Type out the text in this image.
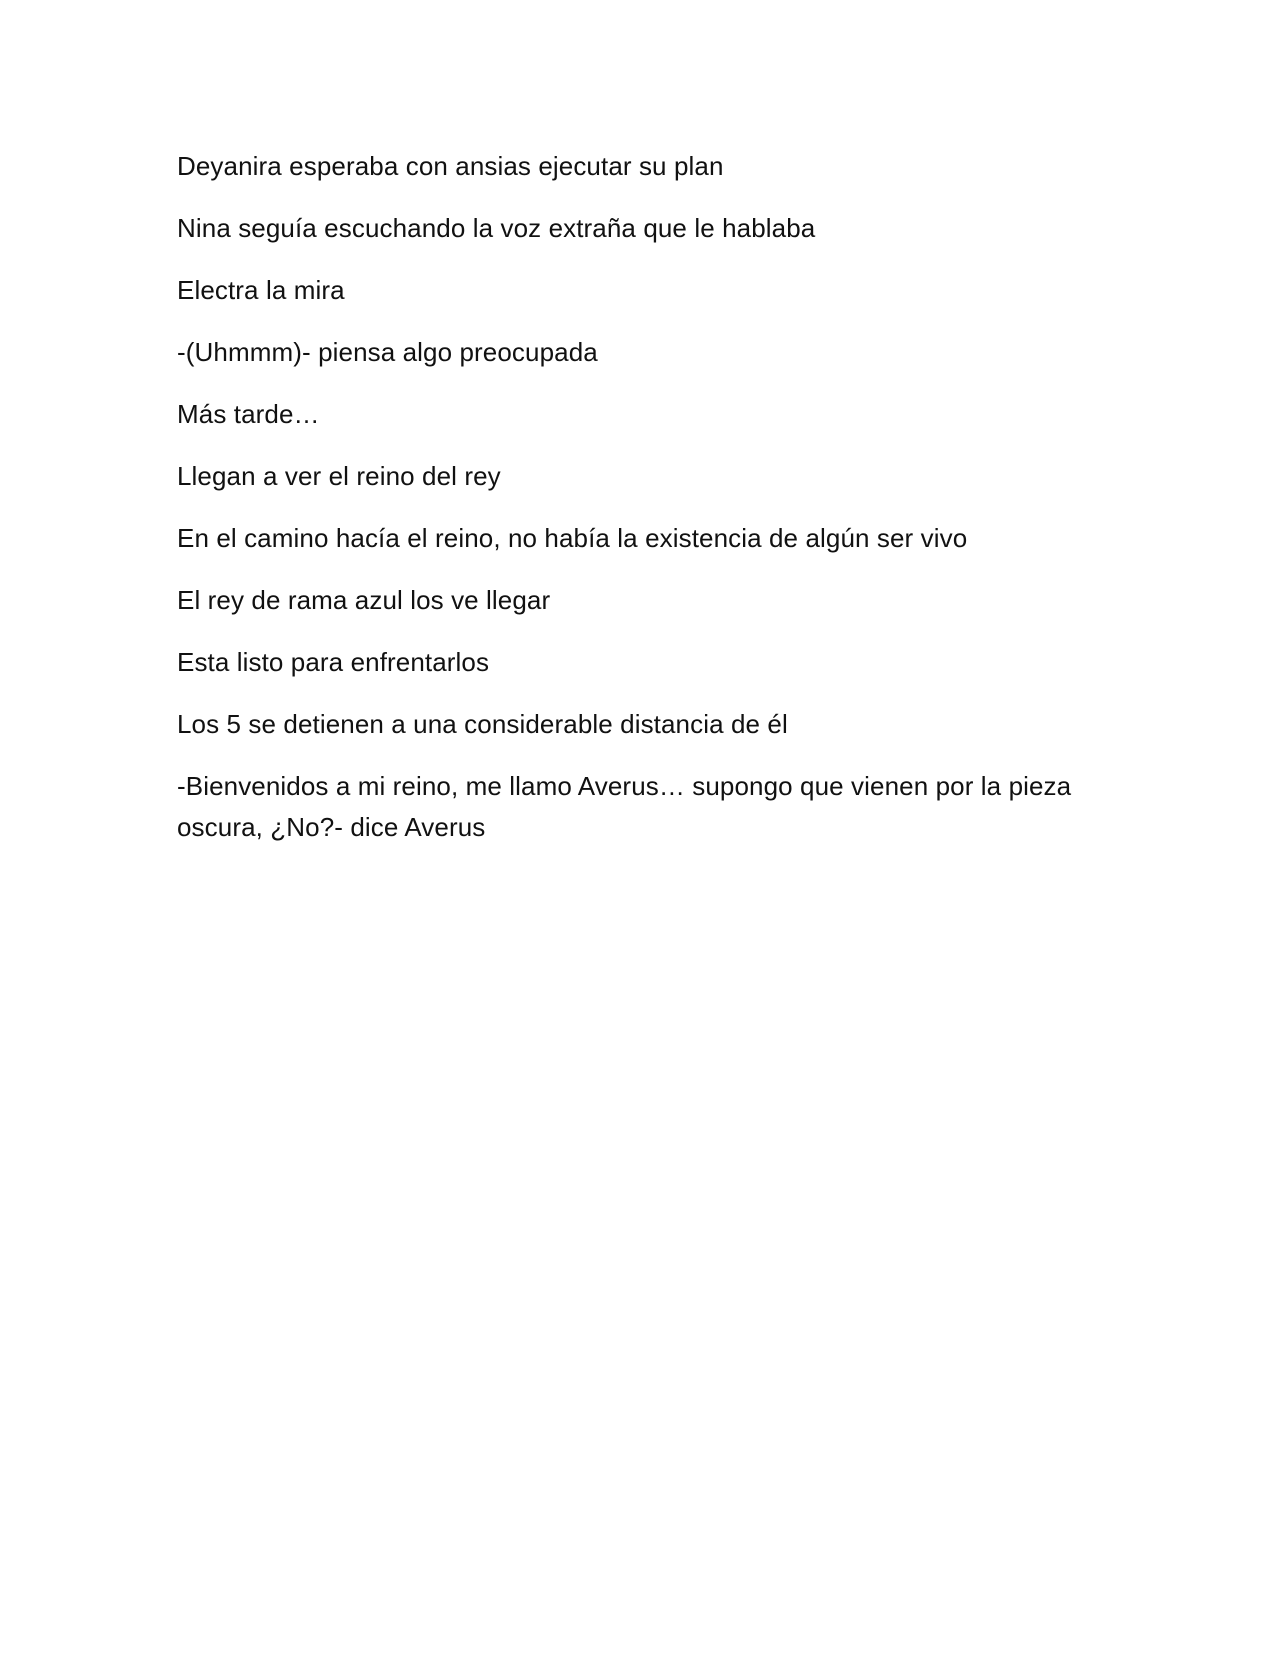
Deyanira esperaba con ansias ejecutar su plan

Nina seguía escuchando la voz extraña que le hablaba

Electra la mira

-(Uhmmm)- piensa algo preocupada

Más tarde…

Llegan a ver el reino del rey

En el camino hacía el reino, no había la existencia de algún ser vivo

El rey de rama azul los ve llegar

Esta listo para enfrentarlos

Los 5 se detienen a una considerable distancia de él

-Bienvenidos a mi reino, me llamo Averus… supongo que vienen por la pieza oscura, ¿No?- dice Averus
